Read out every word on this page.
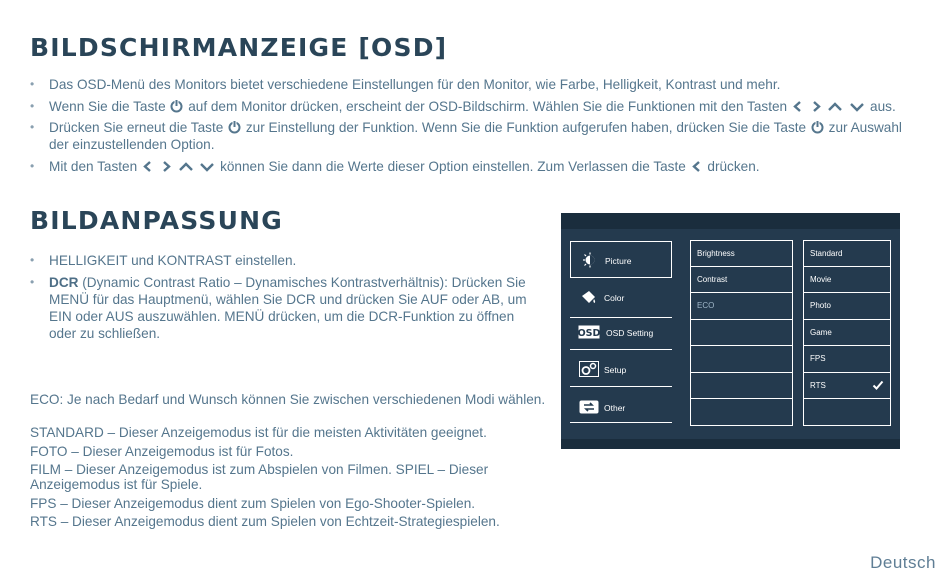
BILDSCHIRMANZEIGE [OSD]
• Das OSD-Menü des Monitors bietet verschiedene Einstellungen für den Monitor, wie Farbe, Helligkeit, Kontrast und mehr.
• Wenn Sie die Taste auf dem Monitor drücken, erscheint der OSD-Bildschirm. Wählen Sie die Funktionen mit den Tasten	aus.
• Drücken Sie erneut die Taste zur Einstellung der Funktion. Wenn Sie die Funktion aufgerufen haben, drücken Sie die Taste zur Auswahl der einzustellenden Option.
• Mit den Tasten	können Sie dann die Werte dieser Option einstellen. Zum Verlassen die Taste drücken.
BILDANPASSUNG
• HELLIGKEIT und KONTRAST einstellen.
• DCR (Dynamic Contrast Ratio – Dynamisches Kontrastverhältnis): Drücken Sie MENÜ für das Hauptmenü, wählen Sie DCR und drücken Sie AUF oder AB, um EIN oder AUS auszuwählen. MENÜ drücken, um die DCR-Funktion zu öffnen oder zu schließen.

ECO: Je nach Bedarf und Wunsch können Sie zwischen verschiedenen Modi wählen.

STANDARD – Dieser Anzeigemodus ist für die meisten Aktivitäten geeignet.

FOTO – Dieser Anzeigemodus ist für Fotos.

FILM – Dieser Anzeigemodus ist zum Abspielen von Filmen. SPIEL – Dieser Anzeigemodus ist für Spiele.

FPS – Dieser Anzeigemodus dient zum Spielen von Ego-Shooter-Spielen.

RTS – Dieser Anzeigemodus dient zum Spielen von Echtzeit-Strategiespielen.

Picture
Color
OSD OSD Setting
Setup
Other
Brightness
Contrast
ECO
Standard
Movie
Photo
Game
FPS
RTS
Deutsch
